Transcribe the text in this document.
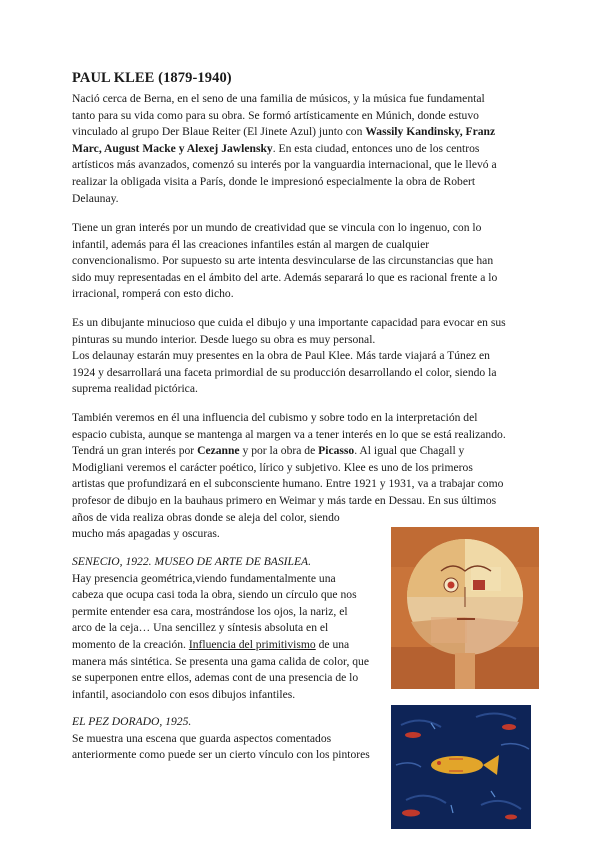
PAUL KLEE (1879-1940)
Nació cerca de Berna, en el seno de una familia de músicos, y la música fue fundamental
tanto para su vida como para su obra. Se formó artísticamente en Múnich, donde estuvo
vinculado al grupo Der Blaue Reiter (El Jinete Azul) junto con Wassily Kandinsky, Franz
Marc, August Macke y Alexej Jawlensky. En esta ciudad, entonces uno de los centros
artísticos más avanzados, comenzó su interés por la vanguardia internacional, que le llevó a
realizar la obligada visita a París, donde le impresionó especialmente la obra de Robert
Delaunay.
Tiene un gran interés por un mundo de creatividad que se vincula con lo ingenuo, con lo
infantil, además para él las creaciones infantiles están al margen de cualquier
convencionalismo. Por supuesto su arte intenta desvincularse de las circunstancias que han
sido muy representadas en el ámbito del arte. Además separará lo que es racional frente a lo
irracional, romperá con esto dicho.
Es un dibujante minucioso que cuida el dibujo y una importante capacidad para evocar en sus
pinturas su mundo interior. Desde luego su obra es muy personal.
Los delaunay estarán muy presentes en la obra de Paul Klee. Más tarde viajará a Túnez en
1924 y desarrollará una faceta primordial de su producción desarrollando el color, siendo la
suprema realidad pictórica.
También veremos en él una influencia del cubismo y sobre todo en la interpretación del
espacio cubista, aunque se mantenga al margen va a tener interés en lo que se está realizando.
Tendrá un gran interés por Cezanne y por la obra de Picasso. Al igual que Chagall y
Modigliani veremos el carácter poético, lírico y subjetivo. Klee es uno de los primeros
artistas que profundizará en el subconsciente humano. Entre 1921 y 1931, va a trabajar como
profesor de dibujo en la bauhaus primero en Weimar y más tarde en Dessau. En sus últimos
años de vida realiza obras donde se aleja del color, siendo
mucho más apagadas y oscuras.
SENECIO, 1922. MUSEO DE ARTE DE BASILEA.
Hay presencia geométrica,viendo fundamentalmente una
cabeza que ocupa casi toda la obra, siendo un círculo que nos
permite entender esa cara, mostrándose los ojos, la nariz, el
arco de la ceja… Una sencillez y síntesis absoluta en el
momento de la creación. Influencia del primitivismo de una
manera más sintética. Se presenta una gama calida de color, que
se superponen entre ellos, ademas cont de una presencia de lo
infantil, asociandolo con esos dibujos infantiles.
EL PEZ DORADO, 1925.
Se muestra una escena que guarda aspectos comentados
anteriormente como puede ser un cierto vínculo con los pintores
